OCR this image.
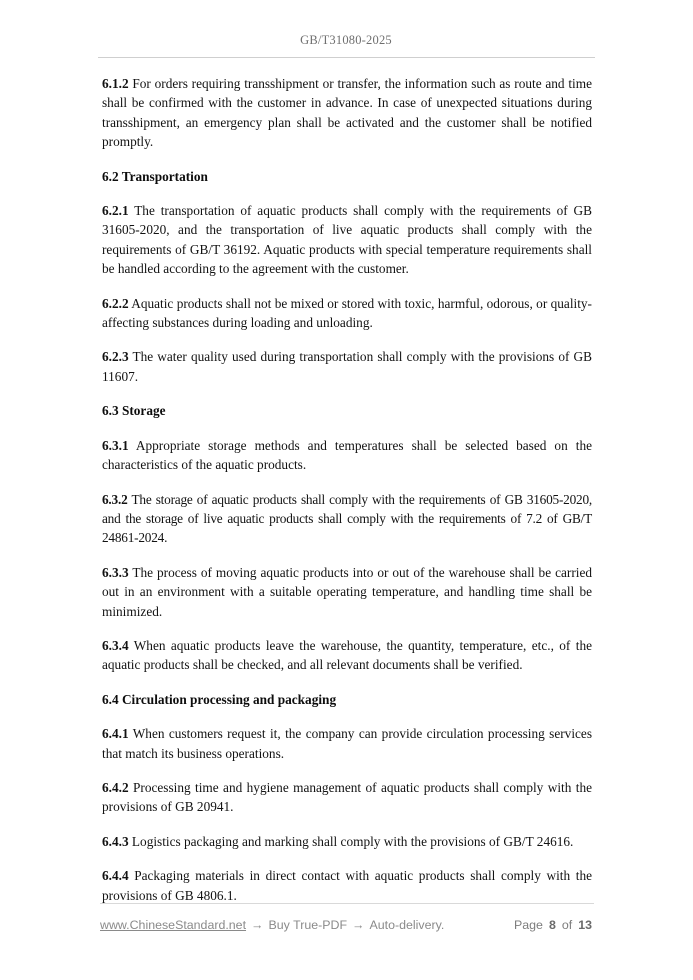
GB/T31080-2025

6.1.2 For orders requiring transshipment or transfer, the information such as route and time shall be confirmed with the customer in advance. In case of unexpected situations during transshipment, an emergency plan shall be activated and the customer shall be notified promptly.

6.2 Transportation

6.2.1 The transportation of aquatic products shall comply with the requirements of GB 31605-2020, and the transportation of live aquatic products shall comply with the requirements of GB/T 36192. Aquatic products with special temperature requirements shall be handled according to the agreement with the customer.

6.2.2 Aquatic products shall not be mixed or stored with toxic, harmful, odorous, or quality-affecting substances during loading and unloading.

6.2.3 The water quality used during transportation shall comply with the provisions of GB 11607.

6.3 Storage

6.3.1 Appropriate storage methods and temperatures shall be selected based on the characteristics of the aquatic products.

6.3.2 The storage of aquatic products shall comply with the requirements of GB 31605-2020, and the storage of live aquatic products shall comply with the requirements of 7.2 of GB/T 24861-2024.

6.3.3 The process of moving aquatic products into or out of the warehouse shall be carried out in an environment with a suitable operating temperature, and handling time shall be minimized.

6.3.4 When aquatic products leave the warehouse, the quantity, temperature, etc., of the aquatic products shall be checked, and all relevant documents shall be verified.

6.4 Circulation processing and packaging

6.4.1 When customers request it, the company can provide circulation processing services that match its business operations.

6.4.2 Processing time and hygiene management of aquatic products shall comply with the provisions of GB 20941.

6.4.3 Logistics packaging and marking shall comply with the provisions of GB/T 24616.

6.4.4 Packaging materials in direct contact with aquatic products shall comply with the provisions of GB 4806.1.

www.ChineseStandard.net → Buy True-PDF → Auto-delivery.	Page 8 of 13
